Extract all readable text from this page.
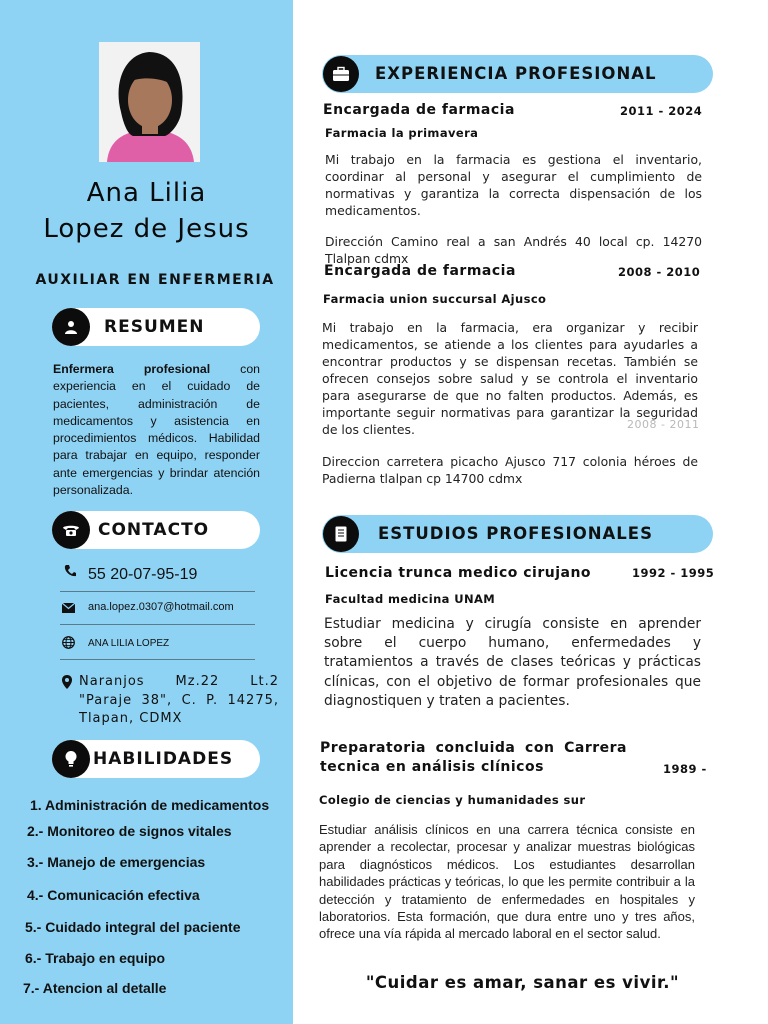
Ana Lilia
Lopez de Jesus
AUXILIAR EN ENFERMERIA
RESUMEN
Enfermera profesional con experiencia en el cuidado de pacientes, administración de medicamentos y asistencia en procedimientos médicos. Habilidad para trabajar en equipo, responder ante emergencias y brindar atención personalizada.
CONTACTO
55 20-07-95-19
ana.lopez.0307@hotmail.com
ANA LILIA LOPEZ
Naranjos Mz.22 Lt.2 "Paraje 38", C. P. 14275, Tlapan, CDMX
HABILIDADES
1. Administración de medicamentos
2.- Monitoreo de signos vitales
3.- Manejo de emergencias
4.- Comunicación efectiva
5.- Cuidado integral del paciente
6.- Trabajo en equipo
7.- Atencion al detalle
EXPERIENCIA PROFESIONAL
Encargada de farmacia	2011 - 2024
Farmacia la primavera
Mi trabajo en la farmacia es gestiona el inventario, coordinar al personal y asegurar el cumplimiento de normativas y garantiza la correcta dispensación de los medicamentos.
Dirección Camino real a san Andrés 40 local cp. 14270 Tlalpan cdmx
Encargada de farmacia	2008 - 2010
Farmacia union succursal Ajusco
Mi trabajo en la farmacia, era organizar y recibir medicamentos, se atiende a los clientes para ayudarles a encontrar productos y se dispensan recetas. También se ofrecen consejos sobre salud y se controla el inventario para asegurarse de que no falten productos. Además, es importante seguir normativas para garantizar la seguridad de los clientes.	2008 - 2011
Direccion carretera picacho Ajusco 717 colonia héroes de Padierna tlalpan cp 14700 cdmx
ESTUDIOS PROFESIONALES
Licencia trunca medico cirujano	1992 - 1995
Facultad medicina UNAM
Estudiar medicina y cirugía consiste en aprender sobre el cuerpo humano, enfermedades y tratamientos a través de clases teóricas y prácticas clínicas, con el objetivo de formar profesionales que diagnostiquen y traten a pacientes.
Preparatoria concluida con Carrera
tecnica en análisis clínicos	1989 -
Colegio de ciencias y humanidades sur
Estudiar análisis clínicos en una carrera técnica consiste en aprender a recolectar, procesar y analizar muestras biológicas para diagnósticos médicos. Los estudiantes desarrollan habilidades prácticas y teóricas, lo que les permite contribuir a la detección y tratamiento de enfermedades en hospitales y laboratorios. Esta formación, que dura entre uno y tres años, ofrece una vía rápida al mercado laboral en el sector salud.
"Cuidar es amar, sanar es vivir."
